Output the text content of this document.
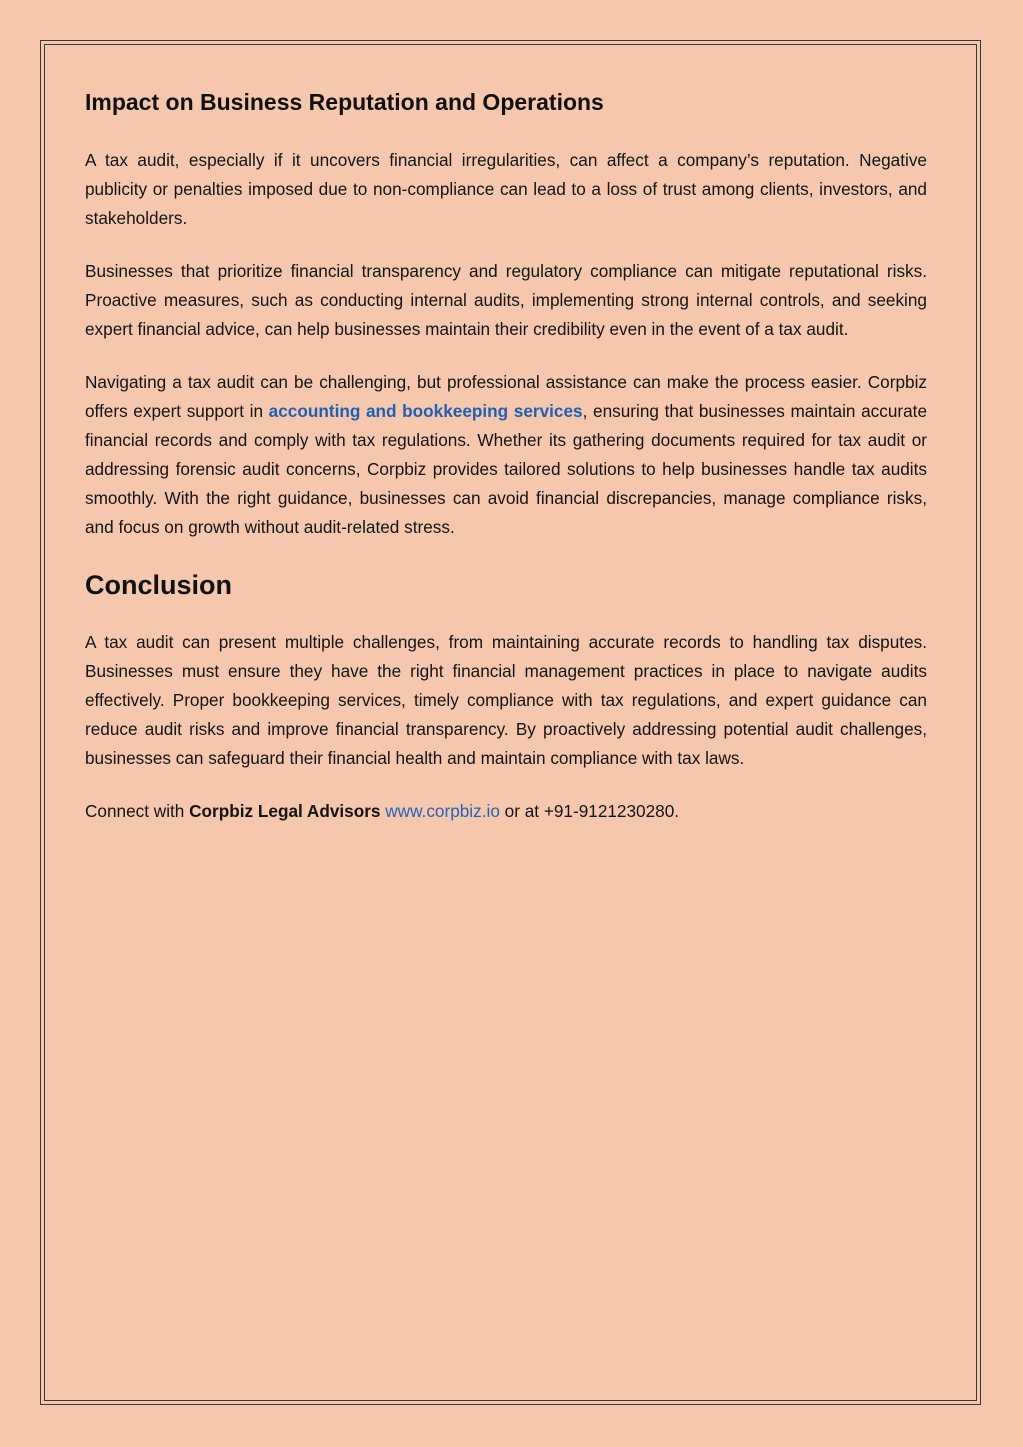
Impact on Business Reputation and Operations

A tax audit, especially if it uncovers financial irregularities, can affect a company’s reputation. Negative publicity or penalties imposed due to non-compliance can lead to a loss of trust among clients, investors, and stakeholders.

Businesses that prioritize financial transparency and regulatory compliance can mitigate reputational risks. Proactive measures, such as conducting internal audits, implementing strong internal controls, and seeking expert financial advice, can help businesses maintain their credibility even in the event of a tax audit.

Navigating a tax audit can be challenging, but professional assistance can make the process easier. Corpbiz offers expert support in accounting and bookkeeping services, ensuring that businesses maintain accurate financial records and comply with tax regulations. Whether its gathering documents required for tax audit or addressing forensic audit concerns, Corpbiz provides tailored solutions to help businesses handle tax audits smoothly. With the right guidance, businesses can avoid financial discrepancies, manage compliance risks, and focus on growth without audit-related stress.

Conclusion

A tax audit can present multiple challenges, from maintaining accurate records to handling tax disputes. Businesses must ensure they have the right financial management practices in place to navigate audits effectively. Proper bookkeeping services, timely compliance with tax regulations, and expert guidance can reduce audit risks and improve financial transparency. By proactively addressing potential audit challenges, businesses can safeguard their financial health and maintain compliance with tax laws.

Connect with Corpbiz Legal Advisors www.corpbiz.io or at +91-9121230280.
